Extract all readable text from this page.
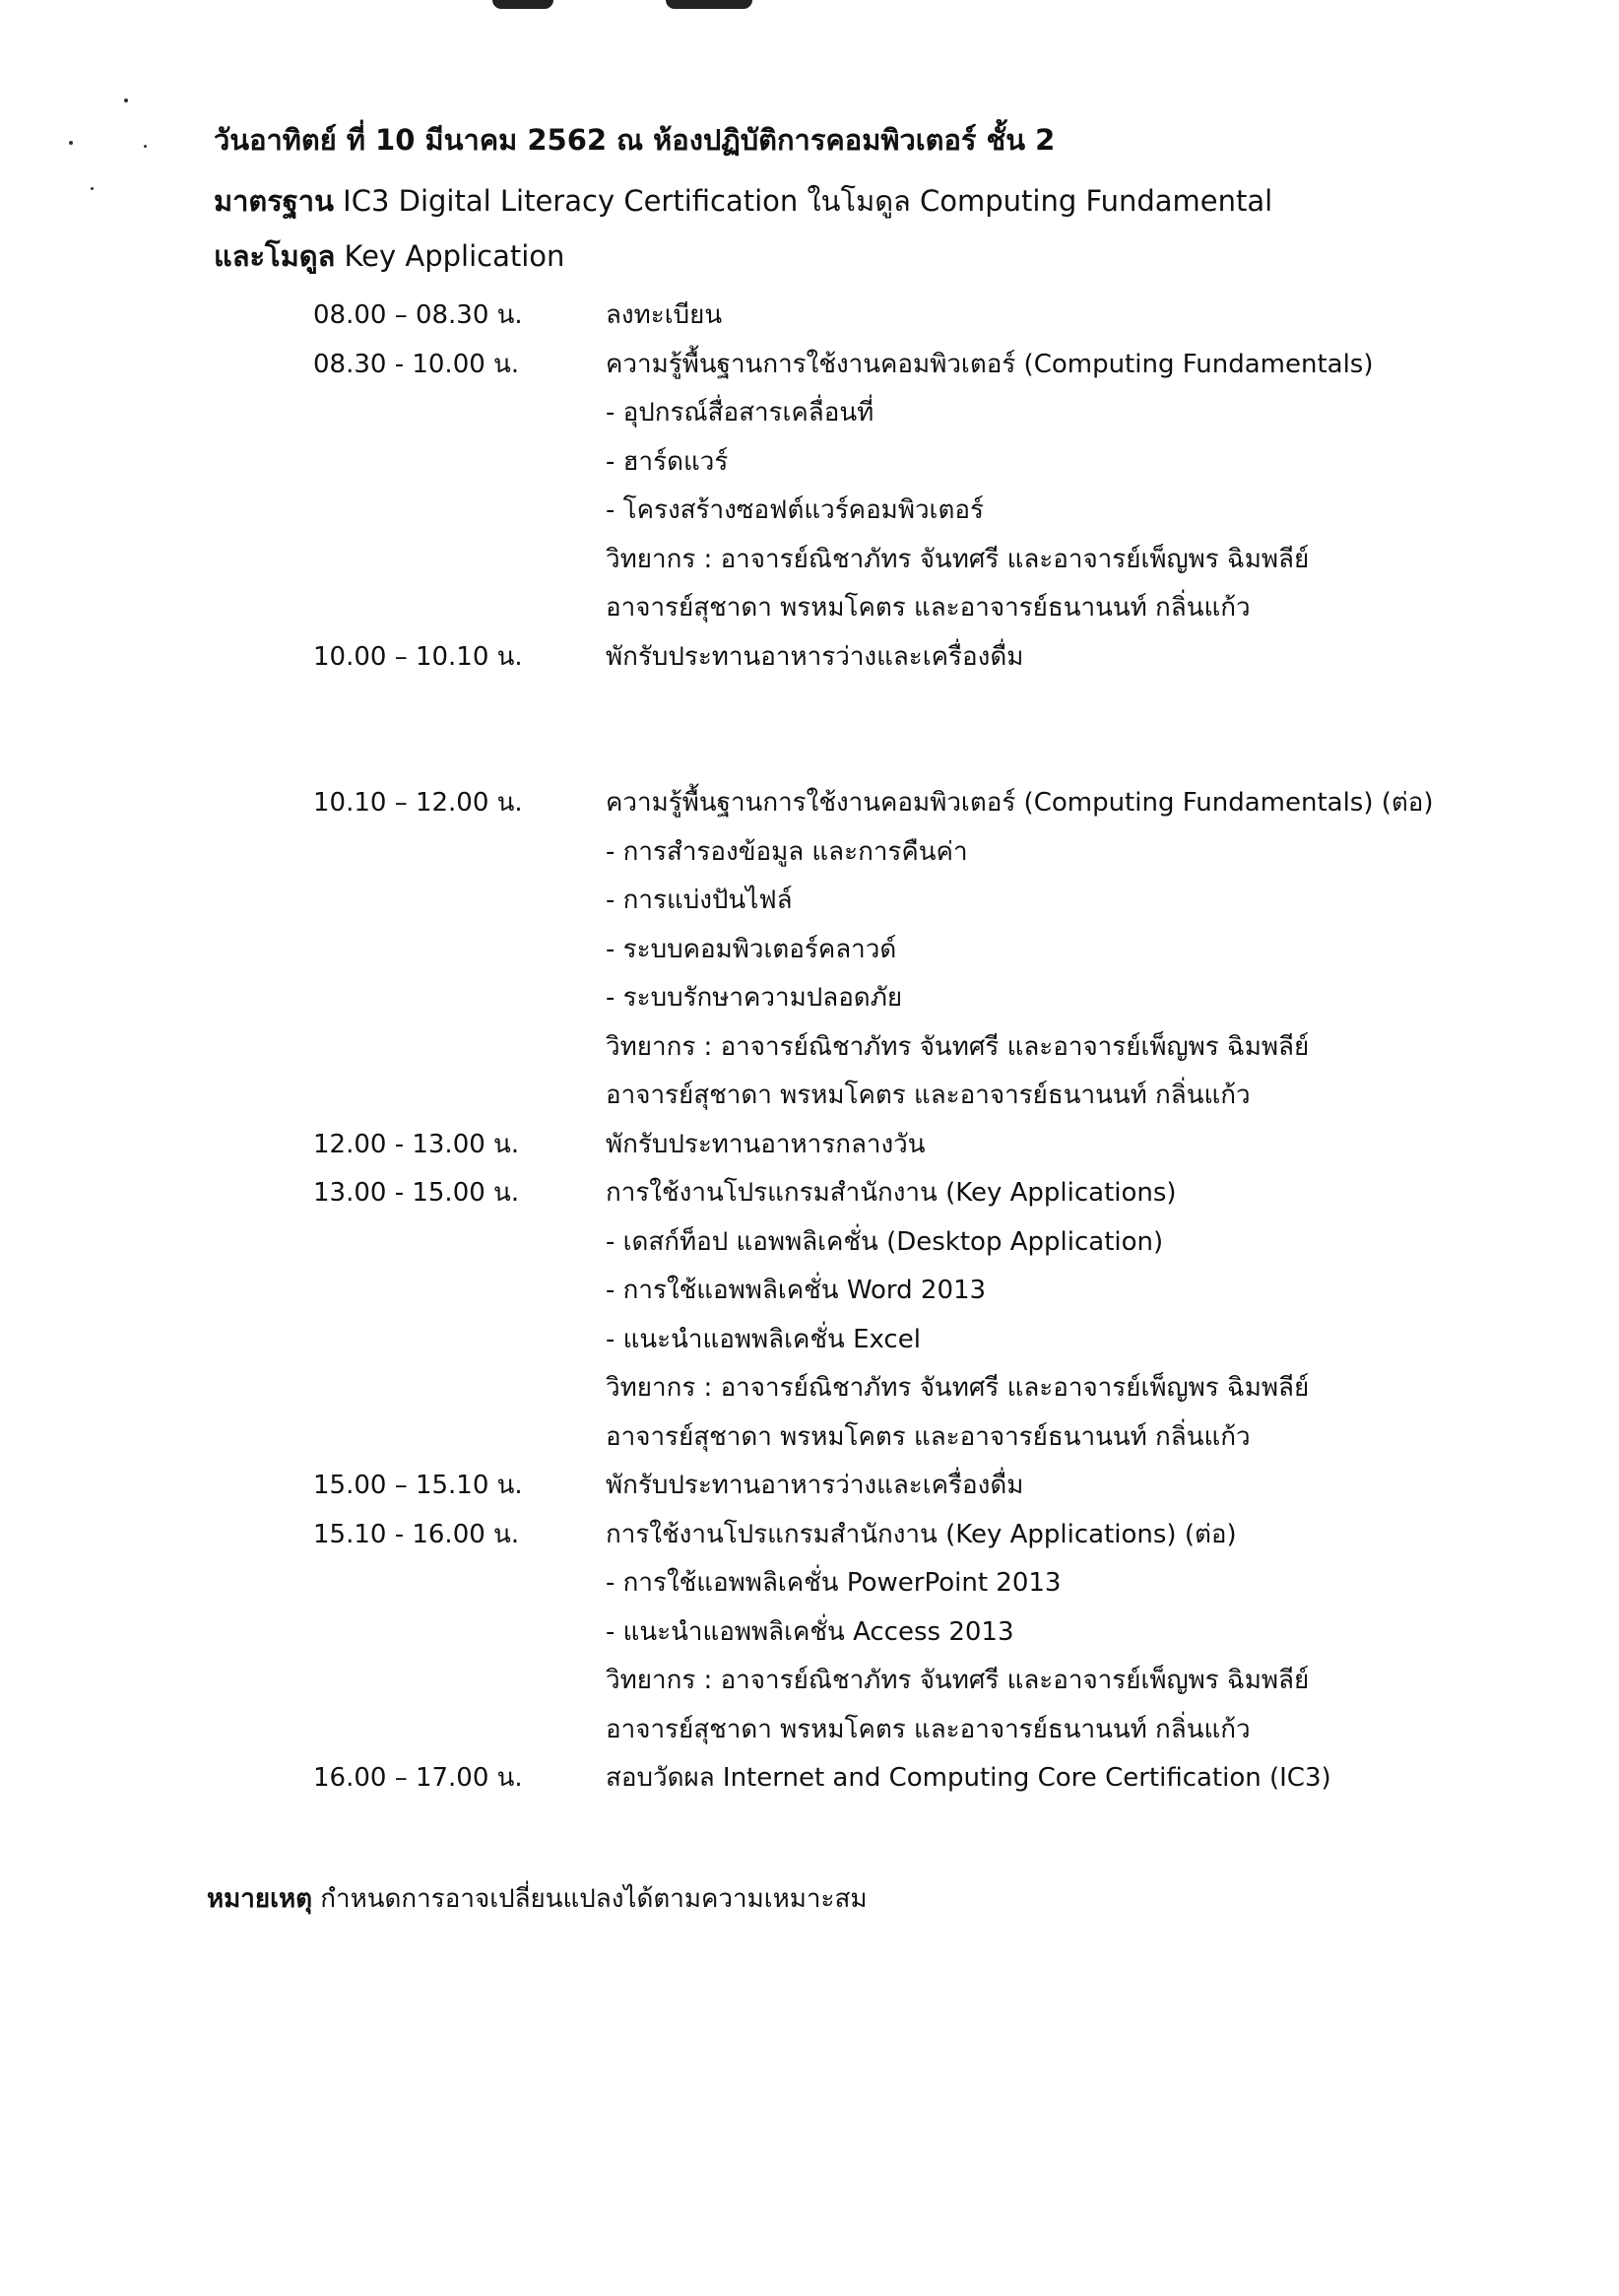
วันอาทิตย์ ที่ 10 มีนาคม 2562 ณ ห้องปฏิบัติการคอมพิวเตอร์ ชั้น 2
มาตรฐาน IC3 Digital Literacy Certification ในโมดูล Computing Fundamental
และโมดูล Key Application
08.00 – 08.30 น.	ลงทะเบียน
08.30 - 10.00 น.	ความรู้พื้นฐานการใช้งานคอมพิวเตอร์ (Computing Fundamentals)
- อุปกรณ์สื่อสารเคลื่อนที่
- ฮาร์ดแวร์
- โครงสร้างซอฟต์แวร์คอมพิวเตอร์
วิทยากร : อาจารย์ณิชาภัทร จันทศรี และอาจารย์เพ็ญพร ฉิมพลีย์
อาจารย์สุชาดา พรหมโคตร และอาจารย์ธนานนท์ กลิ่นแก้ว
10.00 – 10.10 น.	พักรับประทานอาหารว่างและเครื่องดื่ม
10.10 – 12.00 น.	ความรู้พื้นฐานการใช้งานคอมพิวเตอร์ (Computing Fundamentals) (ต่อ)
- การสำรองข้อมูล และการคืนค่า
- การแบ่งปันไฟล์
- ระบบคอมพิวเตอร์คลาวด์
- ระบบรักษาความปลอดภัย
วิทยากร : อาจารย์ณิชาภัทร จันทศรี และอาจารย์เพ็ญพร ฉิมพลีย์
อาจารย์สุชาดา พรหมโคตร และอาจารย์ธนานนท์ กลิ่นแก้ว
12.00 - 13.00 น.	พักรับประทานอาหารกลางวัน
13.00 - 15.00 น.	การใช้งานโปรแกรมสำนักงาน (Key Applications)
- เดสก์ท็อป แอพพลิเคชั่น (Desktop Application)
- การใช้แอพพลิเคชั่น Word 2013
- แนะนำแอพพลิเคชั่น Excel
วิทยากร : อาจารย์ณิชาภัทร จันทศรี และอาจารย์เพ็ญพร ฉิมพลีย์
อาจารย์สุชาดา พรหมโคตร และอาจารย์ธนานนท์ กลิ่นแก้ว
15.00 – 15.10 น.	พักรับประทานอาหารว่างและเครื่องดื่ม
15.10 - 16.00 น.	การใช้งานโปรแกรมสำนักงาน (Key Applications) (ต่อ)
- การใช้แอพพลิเคชั่น PowerPoint 2013
- แนะนำแอพพลิเคชั่น Access 2013
วิทยากร : อาจารย์ณิชาภัทร จันทศรี และอาจารย์เพ็ญพร ฉิมพลีย์
อาจารย์สุชาดา พรหมโคตร และอาจารย์ธนานนท์ กลิ่นแก้ว
16.00 – 17.00 น.	สอบวัดผล Internet and Computing Core Certification (IC3)
หมายเหตุ กำหนดการอาจเปลี่ยนแปลงได้ตามความเหมาะสม
